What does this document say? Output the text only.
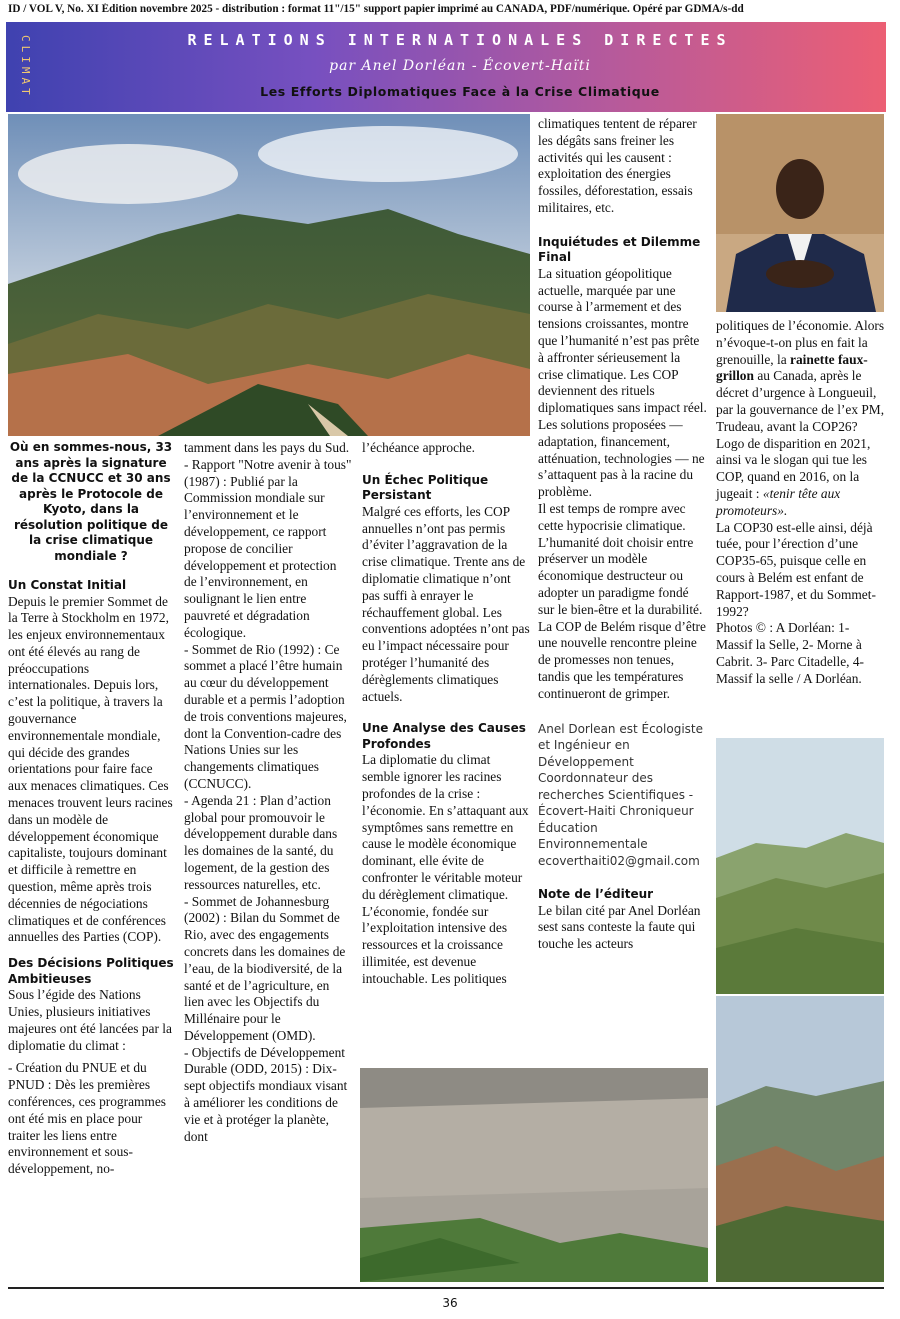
ID / VOL V, No. XI Édition novembre 2025 - distribution : format 11"/15" support papier imprimé au CANADA, PDF/numérique. Opéré par GDMA/s-dd
CLIMAT	RELATIONS INTERNATIONALES DIRECTES
par Anel Dorléan - Écovert-Haïti
Les Efforts Diplomatiques Face à la Crise Climatique

Où en sommes-nous, 33 ans après la signature de la CCNUCC et 30 ans après le Protocole de Kyoto, dans la résolution politique de la crise climatique mondiale ?

Un Constat Initial

Depuis le premier Sommet de la Terre à Stockholm en 1972, les enjeux environnementaux ont été élevés au rang de préoccupations internationales. Depuis lors, c’est la politique, à travers la gouvernance environnementale mondiale, qui décide des grandes orientations pour faire face aux menaces climatiques. Ces menaces trouvent leurs racines dans un modèle de développement économique capitaliste, toujours dominant et difficile à remettre en question, même après trois décennies de négociations climatiques et de conférences annuelles des Parties (COP).

Des Décisions Politiques Ambitieuses

Sous l’égide des Nations Unies, plusieurs initiatives majeures ont été lancées par la diplomatie du climat :

- Création du PNUE et du PNUD : Dès les premières conférences, ces programmes ont été mis en place pour traiter les liens entre environnement et sous-développement, no-

tamment dans les pays du Sud.

- Rapport "Notre avenir à tous" (1987) : Publié par la Commission mondiale sur l’environnement et le développement, ce rapport propose de concilier développement et protection de l’environnement, en soulignant le lien entre pauvreté et dégradation écologique.

- Sommet de Rio (1992) : Ce sommet a placé l’être humain au cœur du développement durable et a permis l’adoption de trois conventions majeures, dont la Convention-cadre des Nations Unies sur les changements climatiques (CCNUCC).

- Agenda 21 : Plan d’action global pour promouvoir le développement durable dans les domaines de la santé, du logement, de la gestion des ressources naturelles, etc.

- Sommet de Johannesburg (2002) : Bilan du Sommet de Rio, avec des engagements concrets dans les domaines de l’eau, de la biodiversité, de la santé et de l’agriculture, en lien avec les Objectifs du Millénaire pour le Développement (OMD).

- Objectifs de Développement Durable (ODD, 2015) : Dix-sept objectifs mondiaux visant à améliorer les conditions de vie et à protéger la planète, dont

l’échéance approche.

Un Échec Politique Persistant

Malgré ces efforts, les COP annuelles n’ont pas permis d’éviter l’aggravation de la crise climatique. Trente ans de diplomatie climatique n’ont pas suffi à enrayer le réchauffement global. Les conventions adoptées n’ont pas eu l’impact nécessaire pour protéger l’humanité des dérèglements climatiques actuels.

Une Analyse des Causes Profondes

La diplomatie du climat semble ignorer les racines profondes de la crise : l’économie. En s’attaquant aux symptômes sans remettre en cause le modèle économique dominant, elle évite de confronter le véritable moteur du dérèglement climatique.

L’économie, fondée sur l’exploitation intensive des ressources et la croissance illimitée, est devenue intouchable. Les politiques

climatiques tentent de réparer les dégâts sans freiner les activités qui les causent : exploitation des énergies fossiles, déforestation, essais militaires, etc.

Inquiétudes et Dilemme Final

La situation géopolitique actuelle, marquée par une course à l’armement et des tensions croissantes, montre que l’humanité n’est pas prête à affronter sérieusement la crise climatique. Les COP deviennent des rituels diplomatiques sans impact réel. Les solutions proposées — adaptation, financement, atténuation, technologies — ne s’attaquent pas à la racine du problème.

Il est temps de rompre avec cette hypocrisie climatique. L’humanité doit choisir entre préserver un modèle économique destructeur ou adopter un paradigme fondé sur le bien-être et la durabilité. La COP de Belém risque d’être une nouvelle rencontre pleine de promesses non tenues, tandis que les températures continueront de grimper.

Anel Dorlean est Écologiste et Ingénieur en Développement Coordonnateur des recherches Scientifiques - Écovert-Haiti Chroniqueur Éducation Environnementale

ecoverthaiti02@gmail.com

Note de l’éditeur

Le bilan cité par Anel Dorléan sest sans conteste la faute qui touche les acteurs

politiques de l’économie. Alors n’évoque-t-on plus en fait la grenouille, la rainette faux-grillon au Canada, après le décret d’urgence à Longueuil, par la gouvernance de l’ex PM, Trudeau, avant la COP26? Logo de disparition en 2021, ainsi va le slogan qui tue les COP, quand en 2016, on la jugeait : «tenir tête aux promoteurs».

La COP30 est-elle ainsi, déjà tuée, pour l’érection d’une COP35-65, puisque celle en cours à Belém est enfant de Rapport-1987, et du Sommet-1992?

Photos © : A Dorléan: 1- Massif la Selle, 2- Morne à Cabrit. 3- Parc Citadelle, 4- Massif la selle / A Dorléan.

36
